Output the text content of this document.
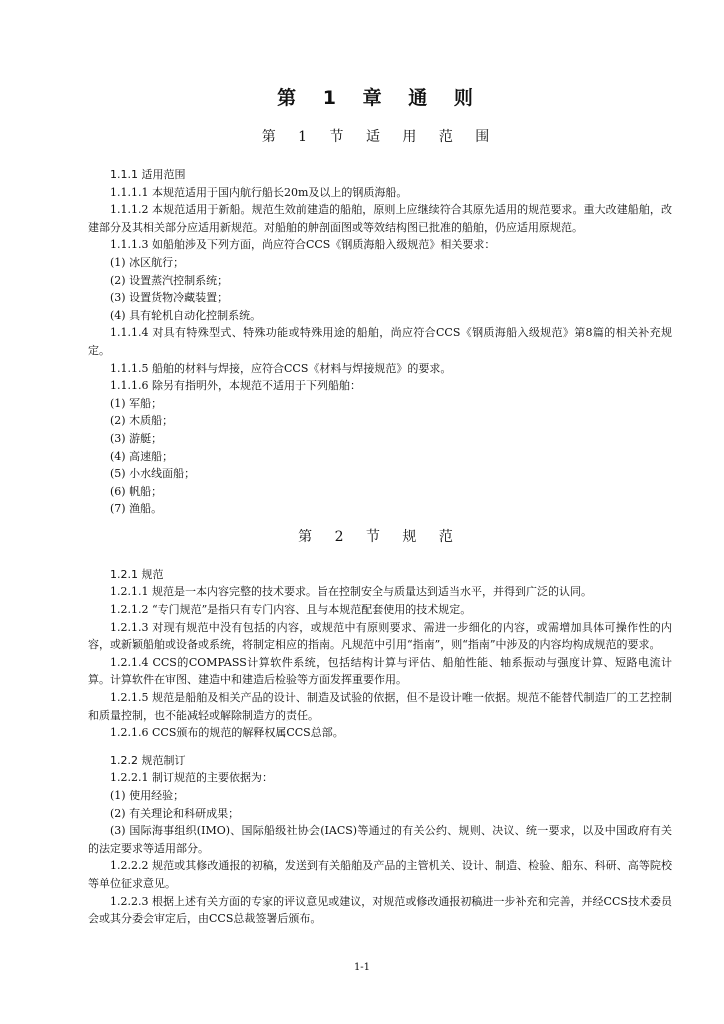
第 1 章 通 则
第 1 节 适 用 范 围
1.1.1 适用范围
1.1.1.1 本规范适用于国内航行船长20m及以上的钢质海船。
1.1.1.2 本规范适用于新船。规范生效前建造的船舶，原则上应继续符合其原先适用的规范要求。重大改建船舶，改建部分及其相关部分应适用新规范。对船舶的舯剖面图或等效结构图已批准的船舶，仍应适用原规范。
1.1.1.3 如船舶涉及下列方面，尚应符合CCS《钢质海船入级规范》相关要求：
(1) 冰区航行；
(2) 设置蒸汽控制系统；
(3) 设置货物冷藏装置；
(4) 具有轮机自动化控制系统。
1.1.1.4 对具有特殊型式、特殊功能或特殊用途的船舶，尚应符合CCS《钢质海船入级规范》第8篇的相关补充规定。
1.1.1.5 船舶的材料与焊接，应符合CCS《材料与焊接规范》的要求。
1.1.1.6 除另有指明外，本规范不适用于下列船舶：
(1) 军船；
(2) 木质船；
(3) 游艇；
(4) 高速船；
(5) 小水线面船；
(6) 帆船；
(7) 渔船。
第 2 节 规 范
1.2.1 规范
1.2.1.1 规范是一本内容完整的技术要求。旨在控制安全与质量达到适当水平，并得到广泛的认同。
1.2.1.2 “专门规范”是指只有专门内容、且与本规范配套使用的技术规定。
1.2.1.3 对现有规范中没有包括的内容，或规范中有原则要求、需进一步细化的内容，或需增加具体可操作性的内容，或新颖船舶或设备或系统，将制定相应的指南。凡规范中引用“指南”，则“指南”中涉及的内容均构成规范的要求。
1.2.1.4 CCS的COMPASS计算软件系统，包括结构计算与评估、船舶性能、轴系振动与强度计算、短路电流计算。计算软件在审图、建造中和建造后检验等方面发挥重要作用。
1.2.1.5 规范是船舶及相关产品的设计、制造及试验的依据，但不是设计唯一依据。规范不能替代制造厂的工艺控制和质量控制，也不能减轻或解除制造方的责任。
1.2.1.6 CCS颁布的规范的解释权属CCS总部。
1.2.2 规范制订
1.2.2.1 制订规范的主要依据为：
(1) 使用经验；
(2) 有关理论和科研成果；
(3) 国际海事组织(IMO)、国际船级社协会(IACS)等通过的有关公约、规则、决议、统一要求，以及中国政府有关的法定要求等适用部分。
1.2.2.2 规范或其修改通报的初稿，发送到有关船舶及产品的主管机关、设计、制造、检验、船东、科研、高等院校等单位征求意见。
1.2.2.3 根据上述有关方面的专家的评议意见或建议，对规范或修改通报初稿进一步补充和完善，并经CCS技术委员会或其分委会审定后，由CCS总裁签署后颁布。
1-1
